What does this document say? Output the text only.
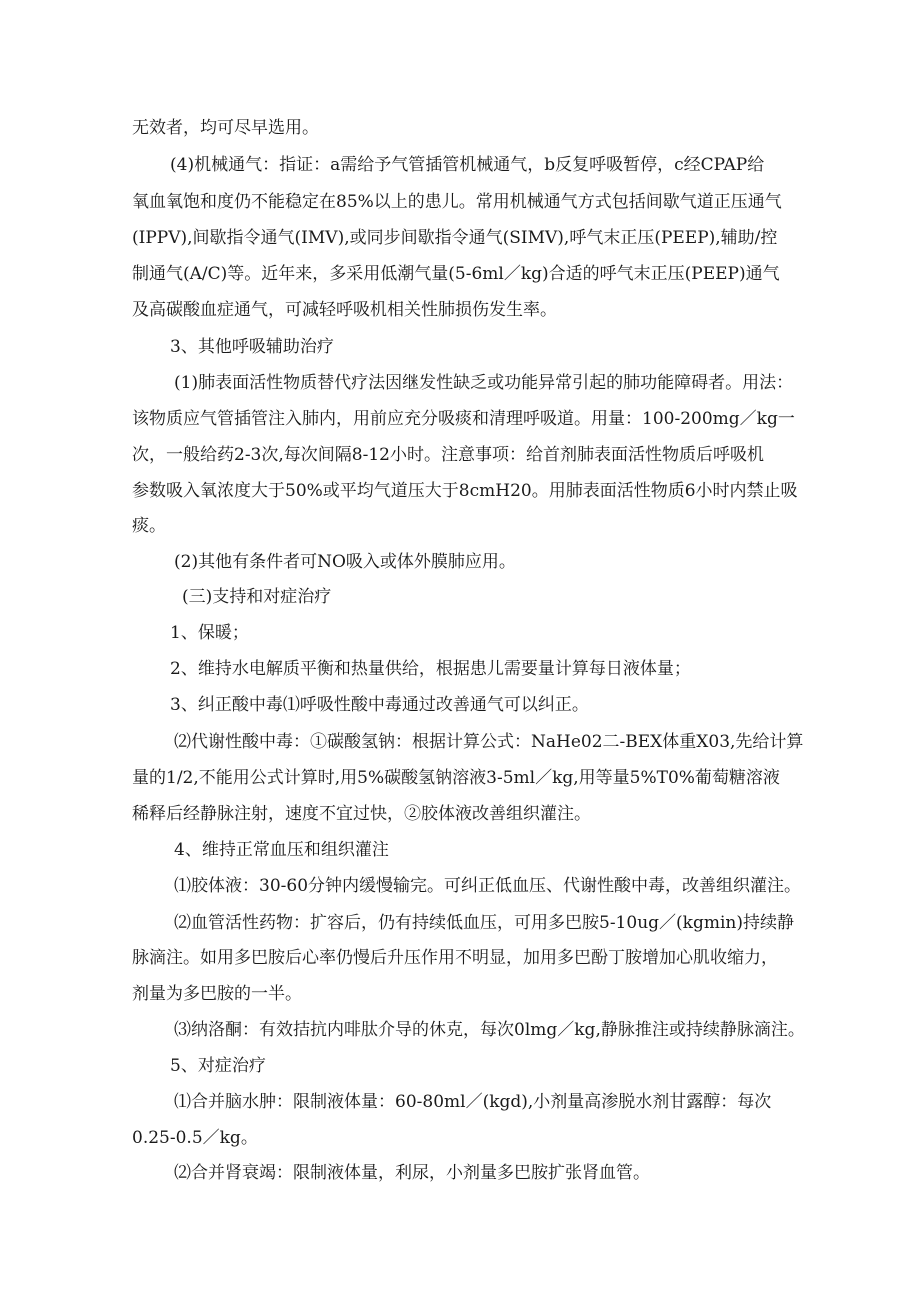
无效者，均可尽早选用。
(4)机械通气：指证：a需给予气管插管机械通气，b反复呼吸暂停，c经CPAP给
氧血氧饱和度仍不能稳定在85%以上的患儿。常用机械通气方式包括间歇气道正压通气
(IPPV),间歇指令通气(IMV),或同步间歇指令通气(SIMV),呼气末正压(PEEP),辅助/控
制通气(A/C)等。近年来，多采用低潮气量(5-6ml／kg)合适的呼气末正压(PEEP)通气
及高碳酸血症通气，可减轻呼吸机相关性肺损伤发生率。
3、其他呼吸辅助治疗
(1)肺表面活性物质替代疗法因继发性缺乏或功能异常引起的肺功能障碍者。用法：
该物质应气管插管注入肺内，用前应充分吸痰和清理呼吸道。用量：100-200mg／kg一
次，一般给药2-3次,每次间隔8-12小时。注意事项：给首剂肺表面活性物质后呼吸机
参数吸入氧浓度大于50%或平均气道压大于8cmH20。用肺表面活性物质6小时内禁止吸
痰。
(2)其他有条件者可NO吸入或体外膜肺应用。
(三)支持和对症治疗
1、保暖；
2、维持水电解质平衡和热量供给，根据患儿需要量计算每日液体量；
3、纠正酸中毒⑴呼吸性酸中毒通过改善通气可以纠正。
⑵代谢性酸中毒：①碳酸氢钠：根据计算公式：NaHe02二-BEX体重X03,先给计算
量的1/2,不能用公式计算时,用5%碳酸氢钠溶液3-5ml／kg,用等量5%T0%葡萄糖溶液
稀释后经静脉注射，速度不宜过快，②胶体液改善组织灌注。
4、维持正常血压和组织灌注
⑴胶体液：30-60分钟内缓慢输完。可纠正低血压、代谢性酸中毒，改善组织灌注。
⑵血管活性药物：扩容后，仍有持续低血压，可用多巴胺5-10ug／(kgmin)持续静
脉滴注。如用多巴胺后心率仍慢后升压作用不明显，加用多巴酚丁胺增加心肌收缩力，
剂量为多巴胺的一半。
⑶纳洛酮：有效拮抗内啡肽介导的休克，每次0lmg／kg,静脉推注或持续静脉滴注。
5、对症治疗
⑴合并脑水肿：限制液体量：60-80ml／(kgd),小剂量高渗脱水剂甘露醇：每次
0.25-0.5／kg。
⑵合并肾衰竭：限制液体量，利尿，小剂量多巴胺扩张肾血管。
